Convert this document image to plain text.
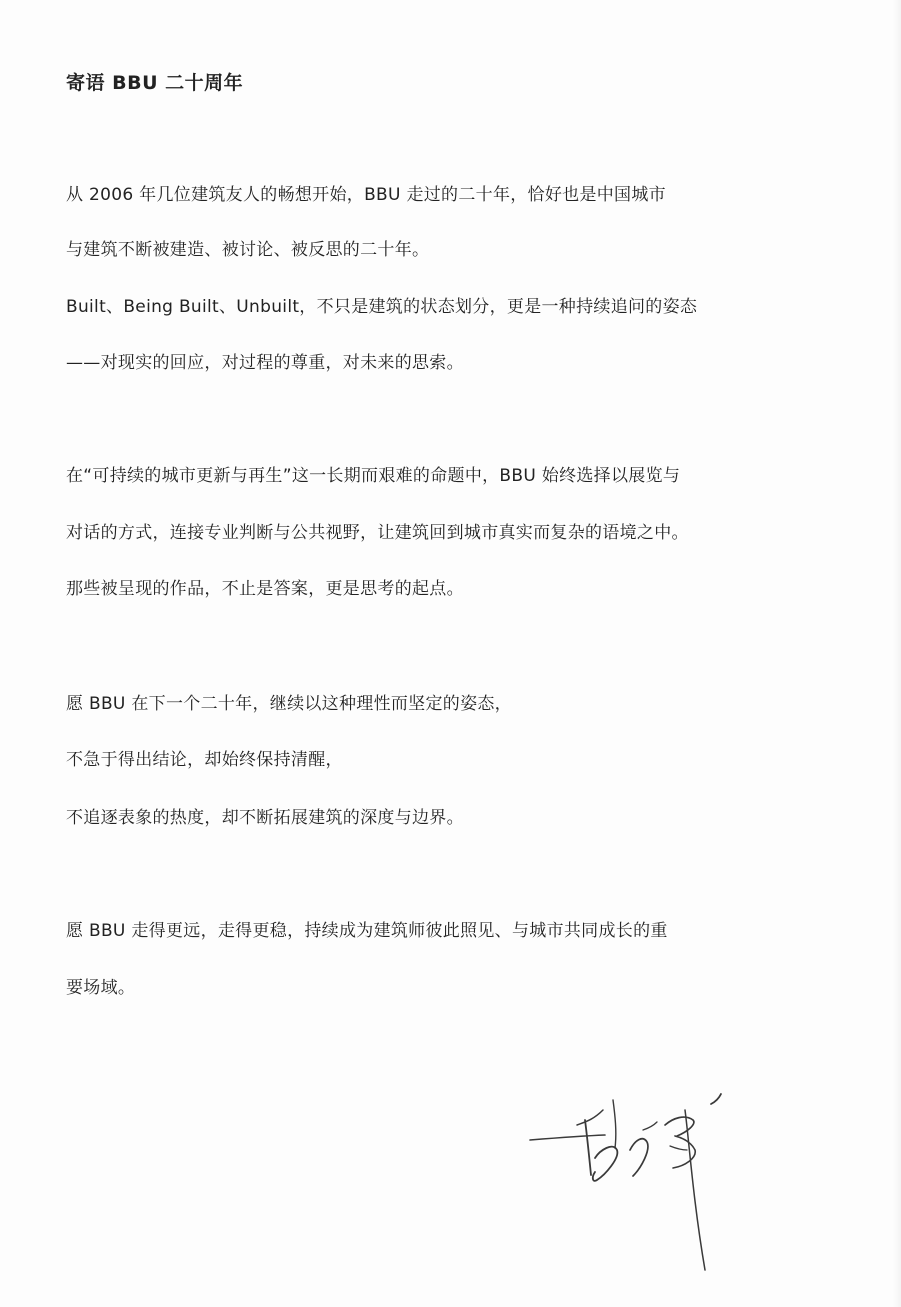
寄语 BBU 二十周年
从 2006 年几位建筑友人的畅想开始，BBU 走过的二十年，恰好也是中国城市
与建筑不断被建造、被讨论、被反思的二十年。
Built、Being Built、Unbuilt，不只是建筑的状态划分，更是一种持续追问的姿态
——对现实的回应，对过程的尊重，对未来的思索。
在“可持续的城市更新与再生”这一长期而艰难的命题中，BBU 始终选择以展览与
对话的方式，连接专业判断与公共视野，让建筑回到城市真实而复杂的语境之中。
那些被呈现的作品，不止是答案，更是思考的起点。
愿 BBU 在下一个二十年，继续以这种理性而坚定的姿态，
不急于得出结论，却始终保持清醒，
不追逐表象的热度，却不断拓展建筑的深度与边界。
愿 BBU 走得更远，走得更稳，持续成为建筑师彼此照见、与城市共同成长的重
要场域。
